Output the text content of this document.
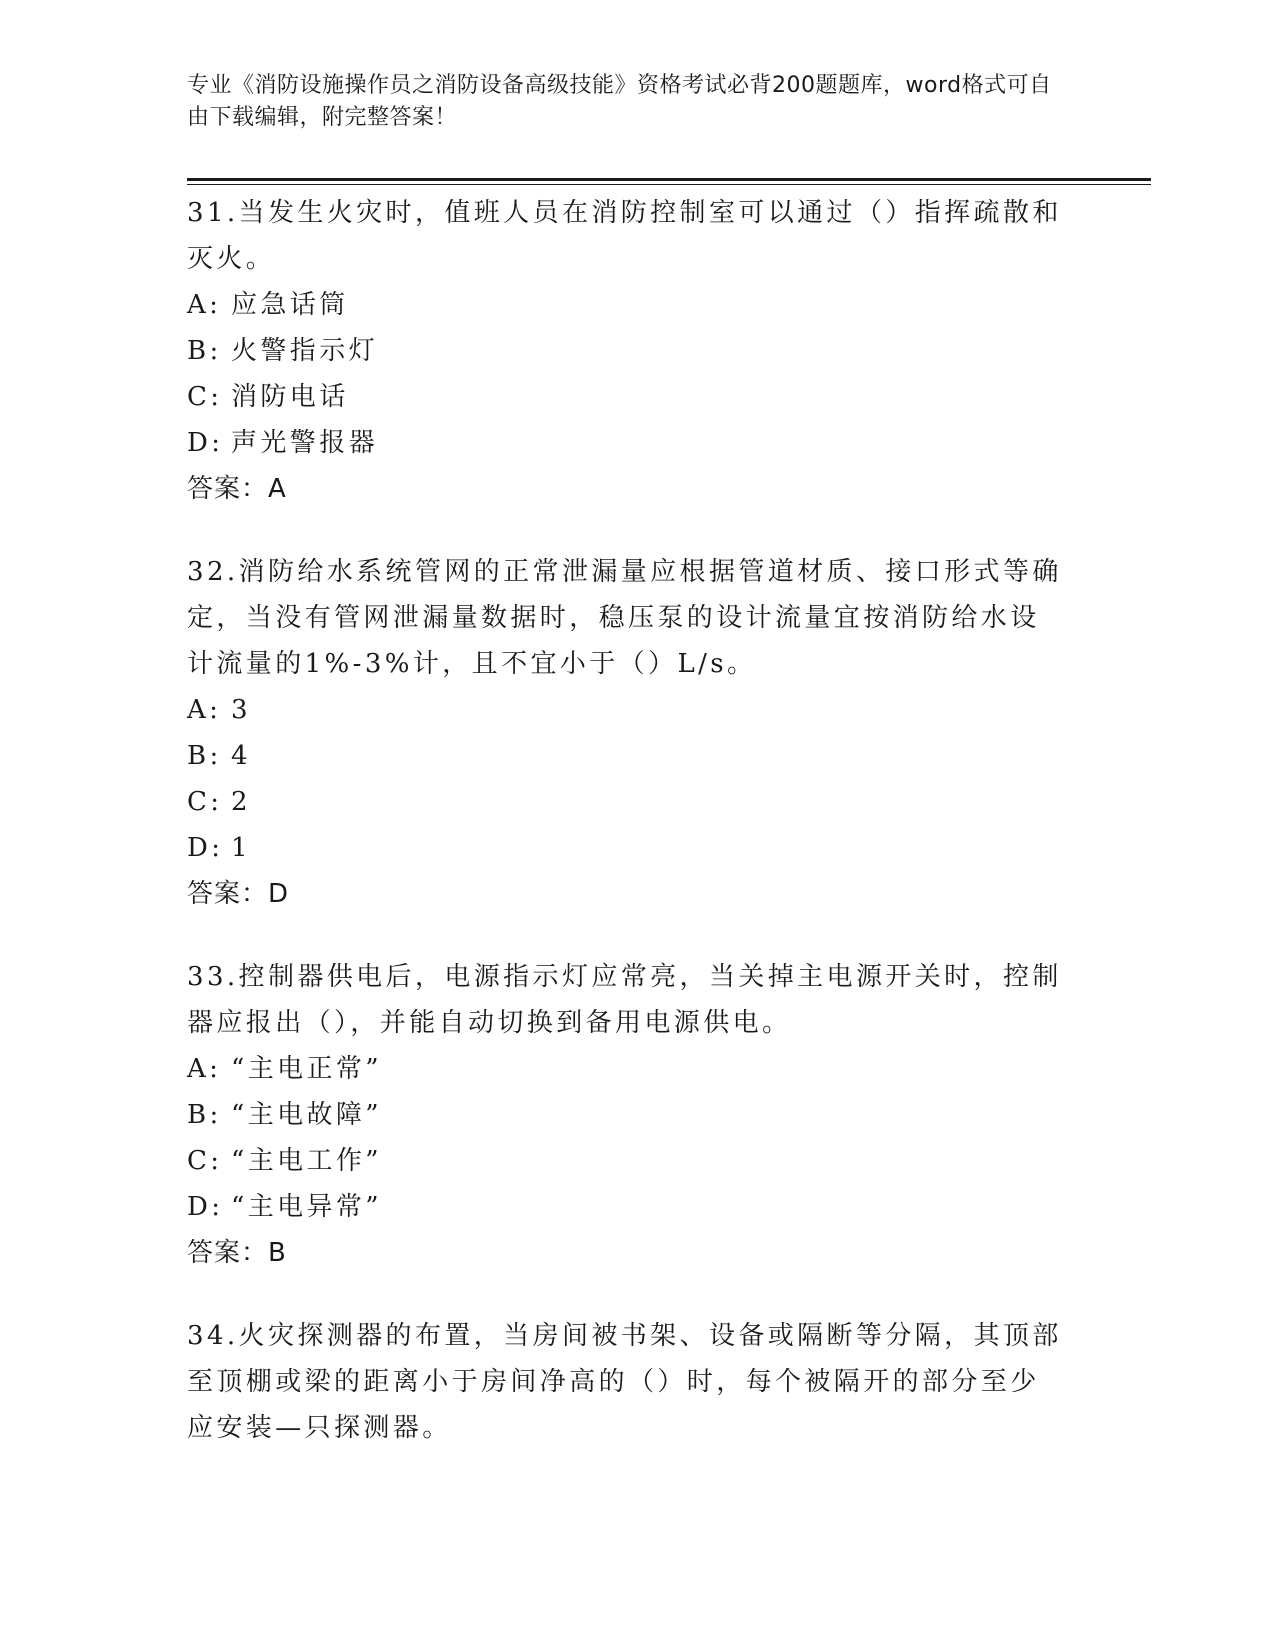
专业《消防设施操作员之消防设备高级技能》资格考试必背200题题库，word格式可自由下载编辑，附完整答案！

31.当发生火灾时，值班人员在消防控制室可以通过（）指挥疏散和灭火。

A: 应急话筒

B: 火警指示灯

C: 消防电话

D: 声光警报器

答案：A

32.消防给水系统管网的正常泄漏量应根据管道材质、接口形式等确定，当没有管网泄漏量数据时，稳压泵的设计流量宜按消防给水设计流量的1%-3%计，且不宜小于（）L/s。

A: 3

B: 4

C: 2

D: 1

答案：D

33.控制器供电后，电源指示灯应常亮，当关掉主电源开关时，控制器应报出（），并能自动切换到备用电源供电。

A: “主电正常”

B: “主电故障”

C: “主电工作”

D: “主电异常”

答案：B

34.火灾探测器的布置，当房间被书架、设备或隔断等分隔，其顶部至顶棚或梁的距离小于房间净高的（）时，每个被隔开的部分至少应安装—只探测器。
